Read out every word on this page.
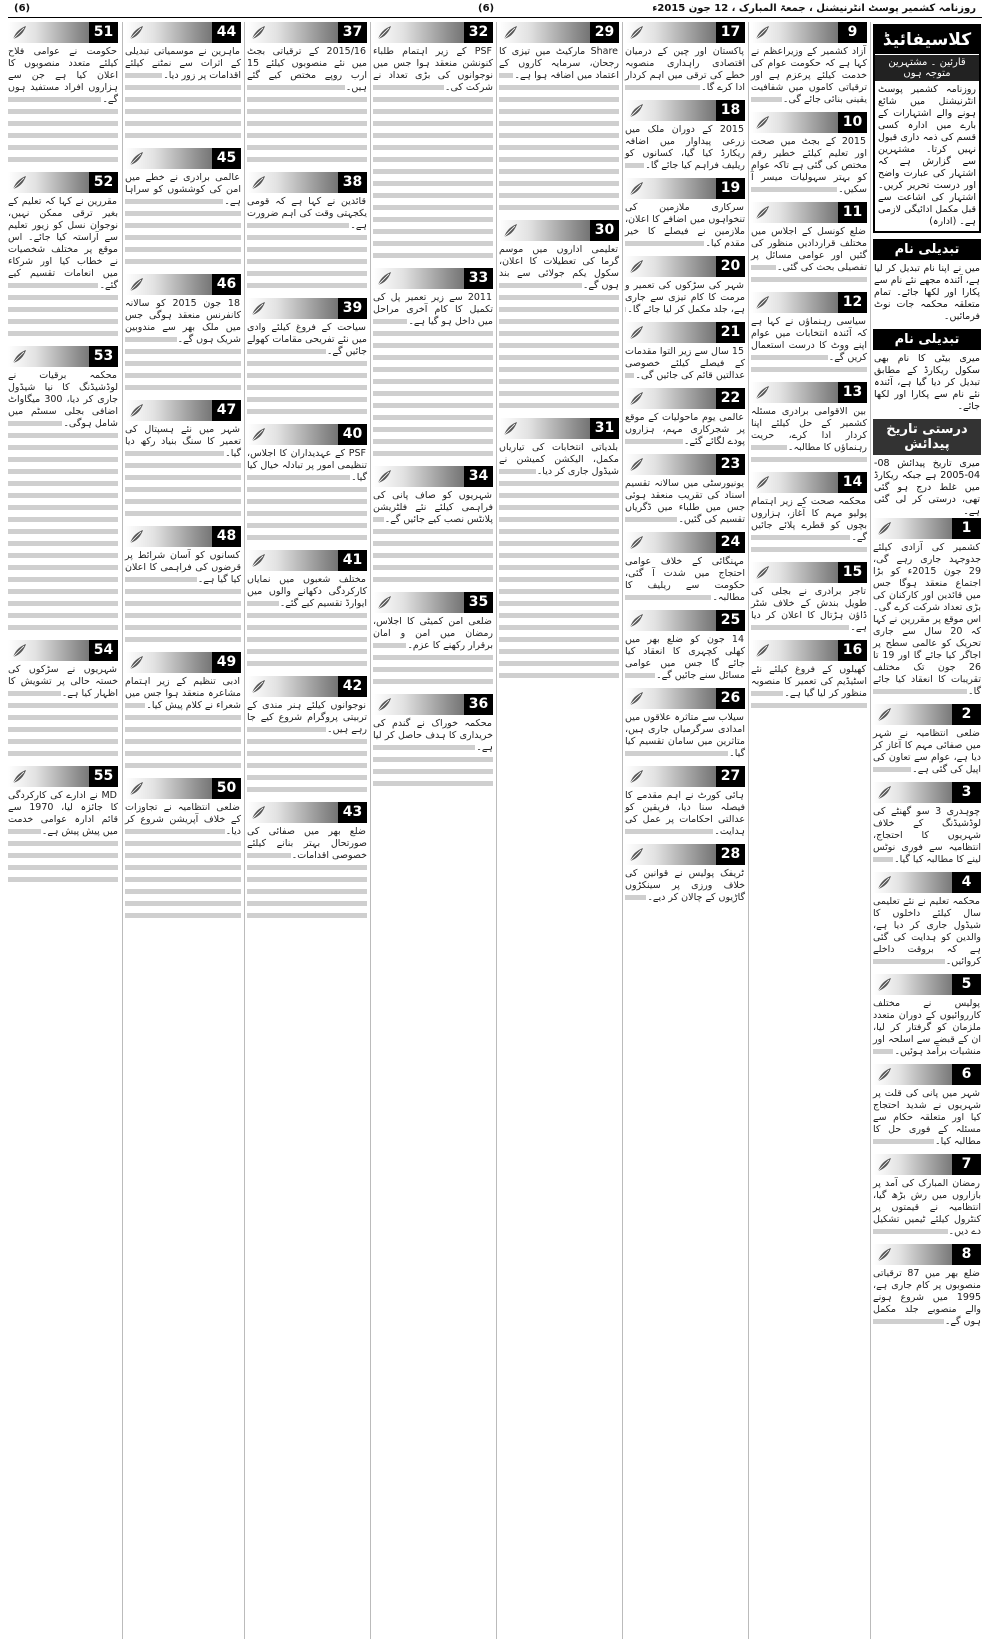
(6)	(6)	روزنامہ کشمیر پوسٹ انٹرنیشنل ، جمعۃ المبارک ، 12 جون 2015ء
کلاسیفائیڈ
قارئین ۔ مشتہرین متوجہ ہوں
روزنامہ کشمیر پوسٹ انٹرنیشنل میں شائع ہونے والے اشتہارات کے بارے میں ادارہ کسی قسم کی ذمہ داری قبول نہیں کرتا۔ مشتہرین سے گزارش ہے کہ اشتہار کی عبارت واضح اور درست تحریر کریں۔ اشتہار کی اشاعت سے قبل مکمل ادائیگی لازمی ہے۔ (ادارہ)
تبدیلی نام
میں نے اپنا نام تبدیل کر لیا ہے، آئندہ مجھے نئے نام سے پکارا اور لکھا جائے۔ تمام متعلقہ محکمہ جات نوٹ فرمائیں۔
تبدیلی نام
میری بیٹی کا نام بھی سکول ریکارڈ کے مطابق تبدیل کر دیا گیا ہے، آئندہ نئے نام سے پکارا اور لکھا جائے۔
درستی تاریخ پیدائش
میری تاریخ پیدائش 08-04-2005 ہے جبکہ ریکارڈ میں غلط درج ہو گئی تھی، درستی کر لی گئی ہے۔
1

کشمیر کی آزادی کیلئے جدوجہد جاری رہے گی، 29 جون 2015ء کو بڑا اجتماع منعقد ہوگا جس میں قائدین اور کارکنان کی بڑی تعداد شرکت کرے گی۔ اس موقع پر مقررین نے کہا کہ 20 سال سے جاری تحریک کو عالمی سطح پر اجاگر کیا جائے گا اور 19 تا 26 جون تک مختلف تقریبات کا انعقاد کیا جائے گا۔

2

ضلعی انتظامیہ نے شہر میں صفائی مہم کا آغاز کر دیا ہے، عوام سے تعاون کی اپیل کی گئی ہے۔

3

چوہدری 3 سو گھنٹے کی لوڈشیڈنگ کے خلاف شہریوں کا احتجاج، انتظامیہ سے فوری نوٹس لینے کا مطالبہ کیا گیا۔

4

محکمہ تعلیم نے نئے تعلیمی سال کیلئے داخلوں کا شیڈول جاری کر دیا ہے، والدین کو ہدایت کی گئی ہے کہ بروقت داخلے کروائیں۔

5

پولیس نے مختلف کارروائیوں کے دوران متعدد ملزمان کو گرفتار کر لیا، ان کے قبضے سے اسلحہ اور منشیات برآمد ہوئیں۔

6

شہر میں پانی کی قلت پر شہریوں نے شدید احتجاج کیا اور متعلقہ حکام سے مسئلہ کے فوری حل کا مطالبہ کیا۔

7

رمضان المبارک کی آمد پر بازاروں میں رش بڑھ گیا، انتظامیہ نے قیمتوں پر کنٹرول کیلئے ٹیمیں تشکیل دے دیں۔

8

ضلع بھر میں 87 ترقیاتی منصوبوں پر کام جاری ہے، 1995 میں شروع ہونے والے منصوبے جلد مکمل ہوں گے۔

9

آزاد کشمیر کے وزیراعظم نے کہا ہے کہ حکومت عوام کی خدمت کیلئے پرعزم ہے اور ترقیاتی کاموں میں شفافیت یقینی بنائی جائے گی۔

10

2015 کے بجٹ میں صحت اور تعلیم کیلئے خطیر رقم مختص کی گئی ہے تاکہ عوام کو بہتر سہولیات میسر آ سکیں۔

11

ضلع کونسل کے اجلاس میں مختلف قراردادیں منظور کی گئیں اور عوامی مسائل پر تفصیلی بحث کی گئی۔

12

سیاسی رہنماؤں نے کہا ہے کہ آئندہ انتخابات میں عوام اپنے ووٹ کا درست استعمال کریں گے۔

13

بین الاقوامی برادری مسئلہ کشمیر کے حل کیلئے اپنا کردار ادا کرے، حریت رہنماؤں کا مطالبہ۔

14

محکمہ صحت کے زیر اہتمام پولیو مہم کا آغاز، ہزاروں بچوں کو قطرے پلائے جائیں گے۔

15

تاجر برادری نے بجلی کی طویل بندش کے خلاف شٹر ڈاؤن ہڑتال کا اعلان کر دیا ہے۔

16

کھیلوں کے فروغ کیلئے نئے اسٹیڈیم کی تعمیر کا منصوبہ منظور کر لیا گیا ہے۔

17

پاکستان اور چین کے درمیان اقتصادی راہداری منصوبہ خطے کی ترقی میں اہم کردار ادا کرے گا۔

18

2015 کے دوران ملک میں زرعی پیداوار میں اضافہ ریکارڈ کیا گیا، کسانوں کو ریلیف فراہم کیا جائے گا۔

19

سرکاری ملازمین کی تنخواہوں میں اضافے کا اعلان، ملازمین نے فیصلے کا خیر مقدم کیا۔

20

شہر کی سڑکوں کی تعمیر و مرمت کا کام تیزی سے جاری ہے، جلد مکمل کر لیا جائے گا۔

21

15 سال سے زیر التوا مقدمات کے فیصلے کیلئے خصوصی عدالتیں قائم کی جائیں گی۔

22

عالمی یوم ماحولیات کے موقع پر شجرکاری مہم، ہزاروں پودے لگائے گئے۔

23

یونیورسٹی میں سالانہ تقسیم اسناد کی تقریب منعقد ہوئی جس میں طلباء میں ڈگریاں تقسیم کی گئیں۔

24

مہنگائی کے خلاف عوامی احتجاج میں شدت آ گئی، حکومت سے ریلیف کا مطالبہ۔

25

14 جون کو ضلع بھر میں کھلی کچہری کا انعقاد کیا جائے گا جس میں عوامی مسائل سنے جائیں گے۔

26

سیلاب سے متاثرہ علاقوں میں امدادی سرگرمیاں جاری ہیں، متاثرین میں سامان تقسیم کیا گیا۔

27

ہائی کورٹ نے اہم مقدمے کا فیصلہ سنا دیا، فریقین کو عدالتی احکامات پر عمل کی ہدایت۔

28

ٹریفک پولیس نے قوانین کی خلاف ورزی پر سینکڑوں گاڑیوں کے چالان کر دیے۔

29

Share مارکیٹ میں تیزی کا رجحان، سرمایہ کاروں کے اعتماد میں اضافہ ہوا ہے۔

30

تعلیمی اداروں میں موسم گرما کی تعطیلات کا اعلان، سکول یکم جولائی سے بند ہوں گے۔

31

بلدیاتی انتخابات کی تیاریاں مکمل، الیکشن کمیشن نے شیڈول جاری کر دیا۔

32

PSF کے زیر اہتمام طلباء کنونشن منعقد ہوا جس میں نوجوانوں کی بڑی تعداد نے شرکت کی۔

33

2011 سے زیر تعمیر پل کی تکمیل کا کام آخری مراحل میں داخل ہو گیا ہے۔

34

شہریوں کو صاف پانی کی فراہمی کیلئے نئے فلٹریشن پلانٹس نصب کیے جائیں گے۔

35

ضلعی امن کمیٹی کا اجلاس، رمضان میں امن و امان برقرار رکھنے کا عزم۔

36

محکمہ خوراک نے گندم کی خریداری کا ہدف حاصل کر لیا ہے۔

37

2015/16 کے ترقیاتی بجٹ میں نئے منصوبوں کیلئے 15 ارب روپے مختص کیے گئے ہیں۔

38

قائدین نے کہا ہے کہ قومی یکجہتی وقت کی اہم ضرورت ہے۔

39

سیاحت کے فروغ کیلئے وادی میں نئے تفریحی مقامات کھولے جائیں گے۔

40

PSF کے عہدیداران کا اجلاس، تنظیمی امور پر تبادلہ خیال کیا گیا۔

41

مختلف شعبوں میں نمایاں کارکردگی دکھانے والوں میں ایوارڈ تقسیم کیے گئے۔

42

نوجوانوں کیلئے ہنر مندی کے تربیتی پروگرام شروع کیے جا رہے ہیں۔

43

ضلع بھر میں صفائی کی صورتحال بہتر بنانے کیلئے خصوصی اقدامات۔

44

ماہرین نے موسمیاتی تبدیلی کے اثرات سے نمٹنے کیلئے اقدامات پر زور دیا۔

45

عالمی برادری نے خطے میں امن کی کوششوں کو سراہا ہے۔

46

18 جون 2015 کو سالانہ کانفرنس منعقد ہوگی جس میں ملک بھر سے مندوبین شریک ہوں گے۔

47

شہر میں نئے ہسپتال کی تعمیر کا سنگ بنیاد رکھ دیا گیا۔

48

کسانوں کو آسان شرائط پر قرضوں کی فراہمی کا اعلان کیا گیا ہے۔

49

ادبی تنظیم کے زیر اہتمام مشاعرہ منعقد ہوا جس میں شعراء نے کلام پیش کیا۔

50

ضلعی انتظامیہ نے تجاوزات کے خلاف آپریشن شروع کر دیا۔

51

حکومت نے عوامی فلاح کیلئے متعدد منصوبوں کا اعلان کیا ہے جن سے ہزاروں افراد مستفید ہوں گے۔

52

مقررین نے کہا کہ تعلیم کے بغیر ترقی ممکن نہیں، نوجوان نسل کو زیور تعلیم سے آراستہ کیا جائے۔ اس موقع پر مختلف شخصیات نے خطاب کیا اور شرکاء میں انعامات تقسیم کیے گئے۔

53

محکمہ برقیات نے لوڈشیڈنگ کا نیا شیڈول جاری کر دیا، 300 میگاواٹ اضافی بجلی سسٹم میں شامل ہوگی۔

54

شہریوں نے سڑکوں کی خستہ حالی پر تشویش کا اظہار کیا ہے۔

55

MD نے ادارے کی کارکردگی کا جائزہ لیا، 1970 سے قائم ادارہ عوامی خدمت میں پیش پیش ہے۔
